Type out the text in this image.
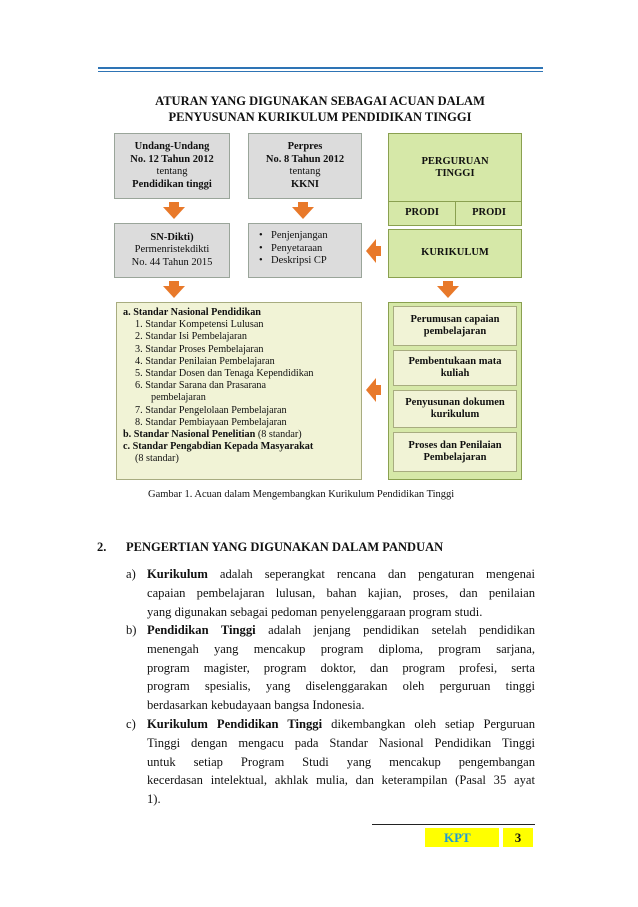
ATURAN YANG DIGUNAKAN SEBAGAI ACUAN DALAM
PENYUSUNAN KURIKULUM PENDIDIKAN TINGGI
Undang-Undang
No. 12 Tahun 2012
tentang
Pendidikan tinggi
Perpres
No. 8 Tahun 2012
tentang
KKNI
PERGURUAN
TINGGI
PRODI	PRODI
SN-Dikti)
Permenristekdikti
No. 44 Tahun 2015
• Penjenjangan
• Penyetaraan
• Deskripsi CP
KURIKULUM
a. Standar Nasional Pendidikan
1. Standar Kompetensi Lulusan
2. Standar Isi Pembelajaran
3. Standar Proses Pembelajaran
4. Standar Penilaian Pembelajaran
5. Standar Dosen dan Tenaga Kependidikan
6. Standar Sarana dan Prasarana
pembelajaran
7. Standar Pengelolaan Pembelajaran
8. Standar Pembiayaan Pembelajaran
b. Standar Nasional Penelitian (8 standar)
c. Standar Pengabdian Kepada Masyarakat
(8 standar)
Perumusan capaian
pembelajaran
Pembentukaan mata
kuliah
Penyusunan dokumen
kurikulum
Proses dan Penilaian
Pembelajaran
Gambar 1. Acuan dalam Mengembangkan Kurikulum Pendidikan Tinggi
2. PENGERTIAN YANG DIGUNAKAN DALAM PANDUAN
a) Kurikulum adalah seperangkat rencana dan pengaturan mengenai
capaian pembelajaran lulusan, bahan kajian, proses, dan penilaian
yang digunakan sebagai pedoman penyelenggaraan program studi.
b) Pendidikan Tinggi adalah jenjang pendidikan setelah pendidikan
menengah yang mencakup program diploma, program sarjana,
program magister, program doktor, dan program profesi, serta
program spesialis, yang diselenggarakan oleh perguruan tinggi
berdasarkan kebudayaan bangsa Indonesia.
c) Kurikulum Pendidikan Tinggi dikembangkan oleh setiap Perguruan
Tinggi dengan mengacu pada Standar Nasional Pendidikan Tinggi
untuk setiap Program Studi yang mencakup pengembangan
kecerdasan intelektual, akhlak mulia, dan keterampilan (Pasal 35 ayat
1).
KPT	3
